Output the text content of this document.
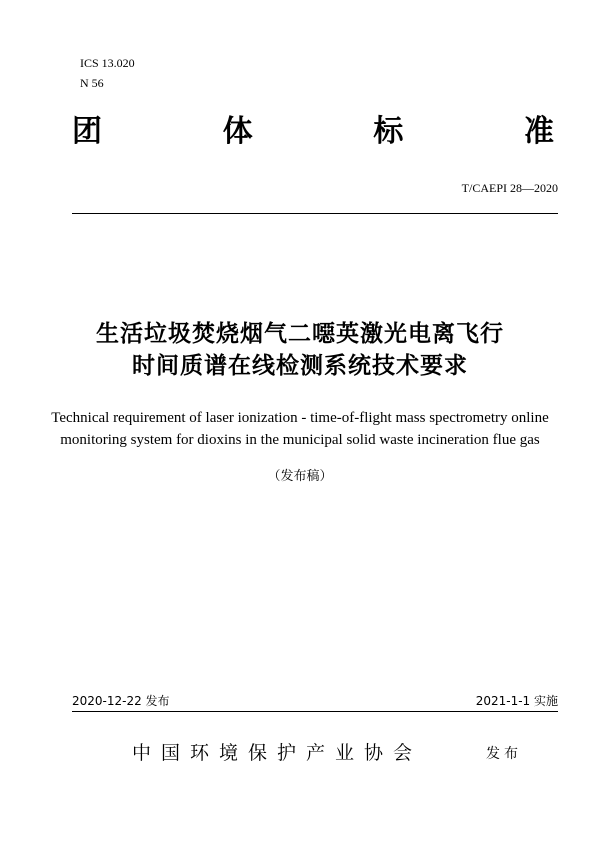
ICS 13.020
N 56
团	体	标	准
T/CAEPI 28—2020
生活垃圾焚烧烟气二噁英激光电离飞行
时间质谱在线检测系统技术要求
Technical requirement of laser ionization - time-of-flight mass spectrometry online
monitoring system for dioxins in the municipal solid waste incineration flue gas
（发布稿）
2020-12-22 发布	2021-1-1 实施
中国环境保护产业协会	发布
